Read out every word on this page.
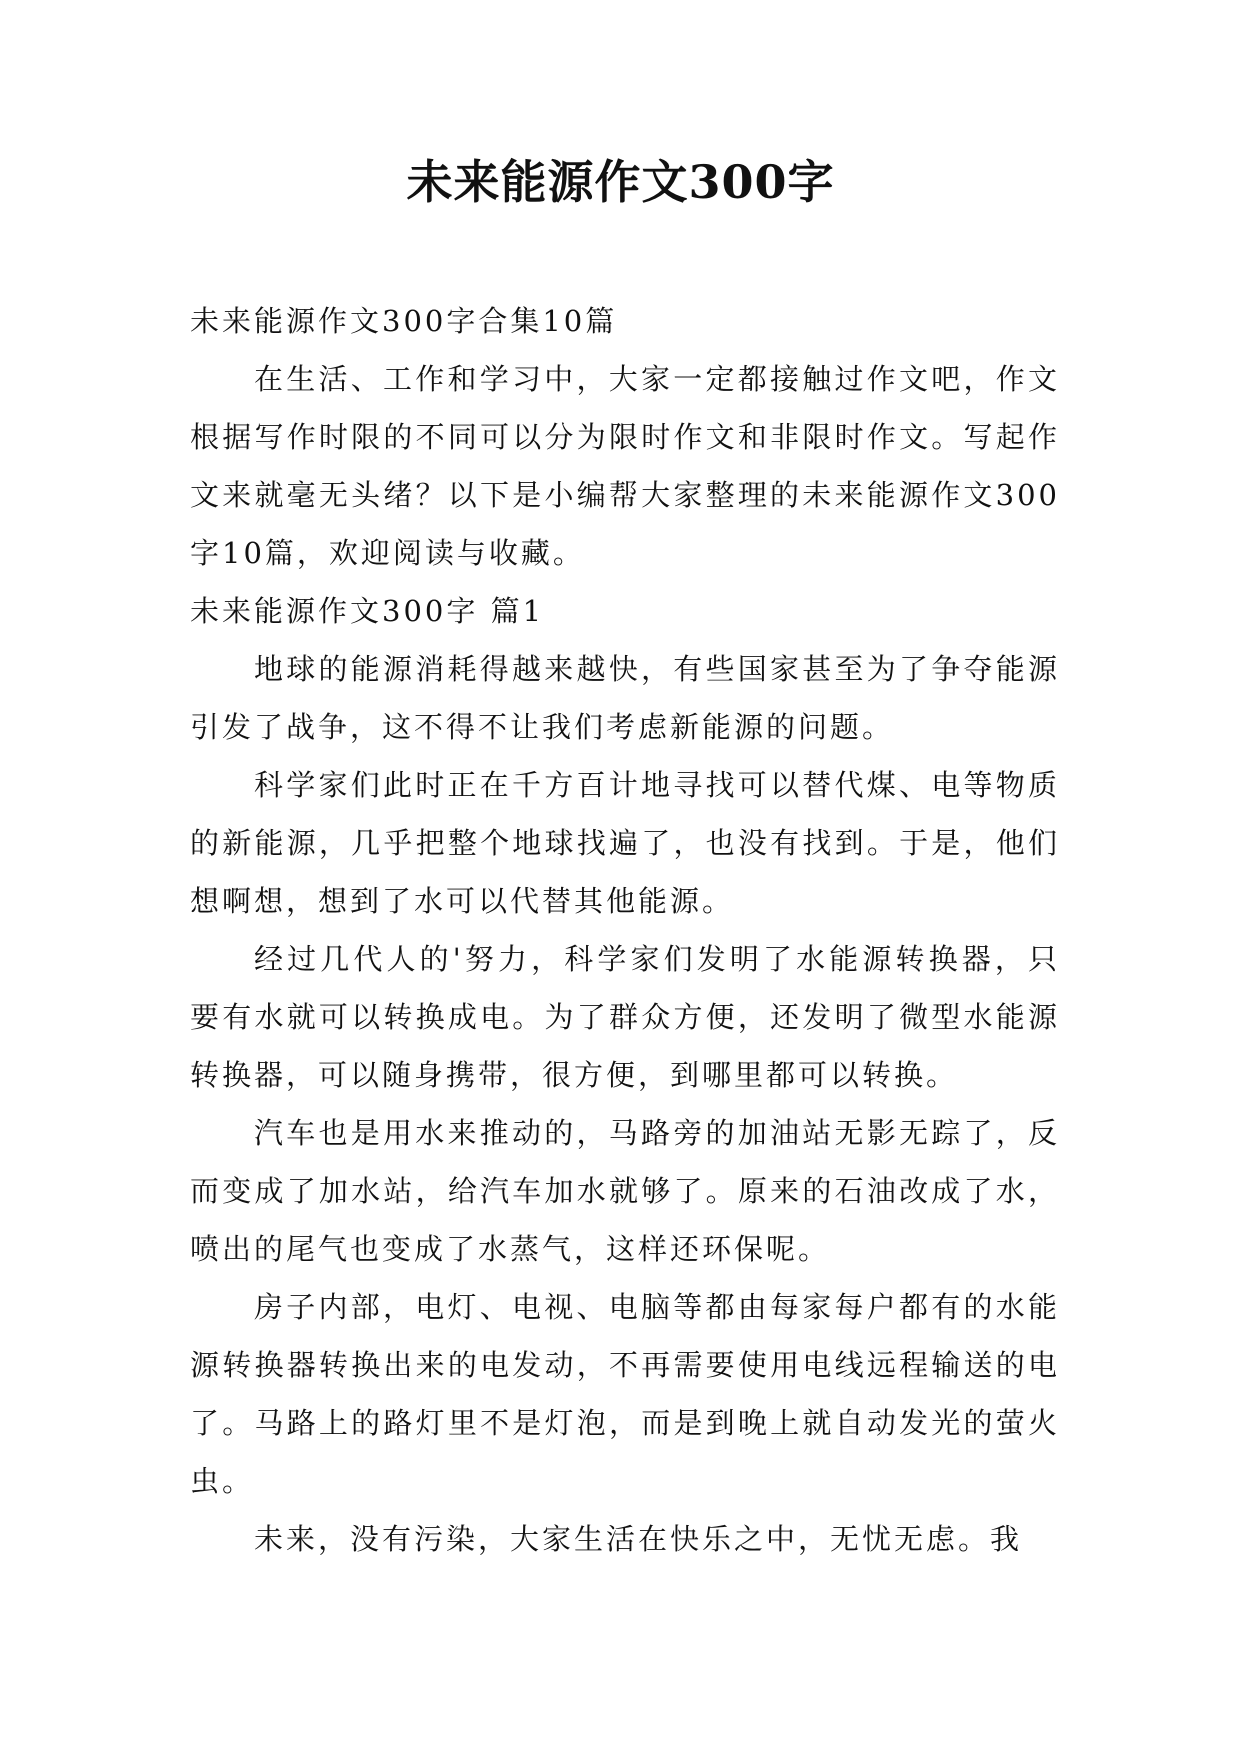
未来能源作文300字

未来能源作文300字合集10篇

在生活、工作和学习中，大家一定都接触过作文吧，作文根据写作时限的不同可以分为限时作文和非限时作文。写起作文来就毫无头绪？以下是小编帮大家整理的未来能源作文300字10篇，欢迎阅读与收藏。

未来能源作文300字 篇1

地球的能源消耗得越来越快，有些国家甚至为了争夺能源引发了战争，这不得不让我们考虑新能源的问题。

科学家们此时正在千方百计地寻找可以替代煤、电等物质的新能源，几乎把整个地球找遍了，也没有找到。于是，他们想啊想，想到了水可以代替其他能源。

经过几代人的'努力，科学家们发明了水能源转换器，只要有水就可以转换成电。为了群众方便，还发明了微型水能源转换器，可以随身携带，很方便，到哪里都可以转换。

汽车也是用水来推动的，马路旁的加油站无影无踪了，反而变成了加水站，给汽车加水就够了。原来的石油改成了水，喷出的尾气也变成了水蒸气，这样还环保呢。

房子内部，电灯、电视、电脑等都由每家每户都有的水能源转换器转换出来的电发动，不再需要使用电线远程输送的电了。马路上的路灯里不是灯泡，而是到晚上就自动发光的萤火虫。

未来，没有污染，大家生活在快乐之中，无忧无虑。我
